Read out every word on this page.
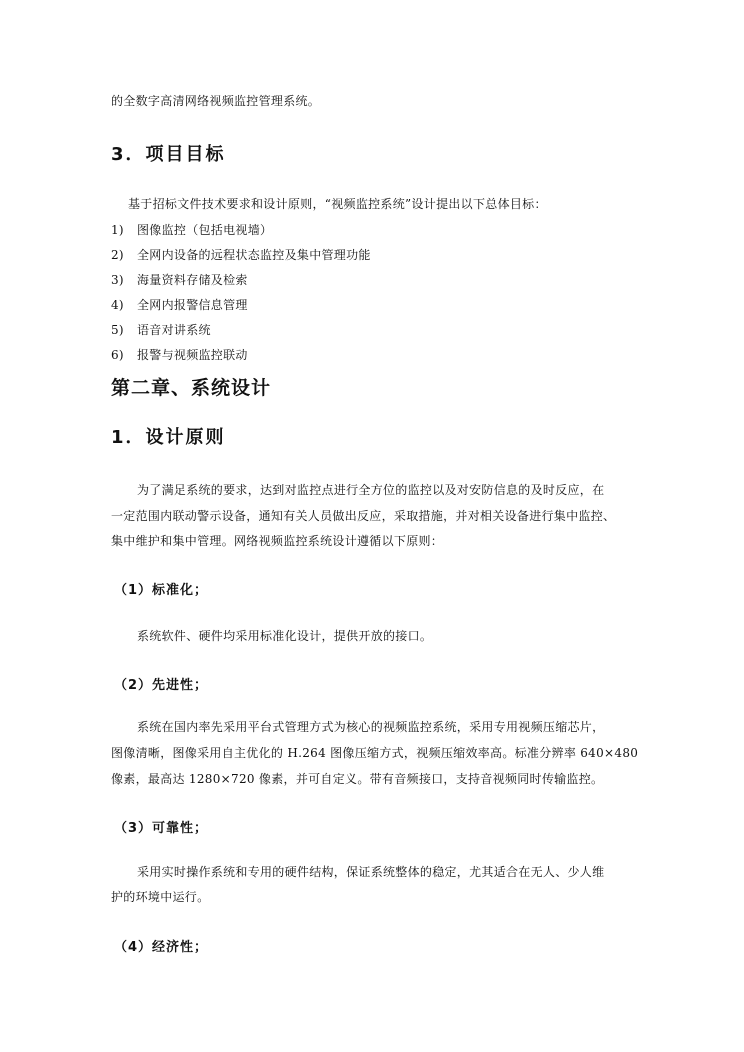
的全数字高清网络视频监控管理系统。
3．项目目标
基于招标文件技术要求和设计原则，“视频监控系统”设计提出以下总体目标：
1) 图像监控（包括电视墙）
2) 全网内设备的远程状态监控及集中管理功能
3) 海量资料存储及检索
4) 全网内报警信息管理
5) 语音对讲系统
6) 报警与视频监控联动
第二章、系统设计
1．设计原则
为了满足系统的要求，达到对监控点进行全方位的监控以及对安防信息的及时反应，在
一定范围内联动警示设备，通知有关人员做出反应，采取措施，并对相关设备进行集中监控、
集中维护和集中管理。网络视频监控系统设计遵循以下原则：
（1）标准化；
系统软件、硬件均采用标准化设计，提供开放的接口。
（2）先进性；
系统在国内率先采用平台式管理方式为核心的视频监控系统，采用专用视频压缩芯片，
图像清晰，图像采用自主优化的 H.264 图像压缩方式，视频压缩效率高。标准分辨率 640×480
像素，最高达 1280×720 像素，并可自定义。带有音频接口，支持音视频同时传输监控。
（3）可靠性；
采用实时操作系统和专用的硬件结构，保证系统整体的稳定，尤其适合在无人、少人维
护的环境中运行。
（4）经济性；
